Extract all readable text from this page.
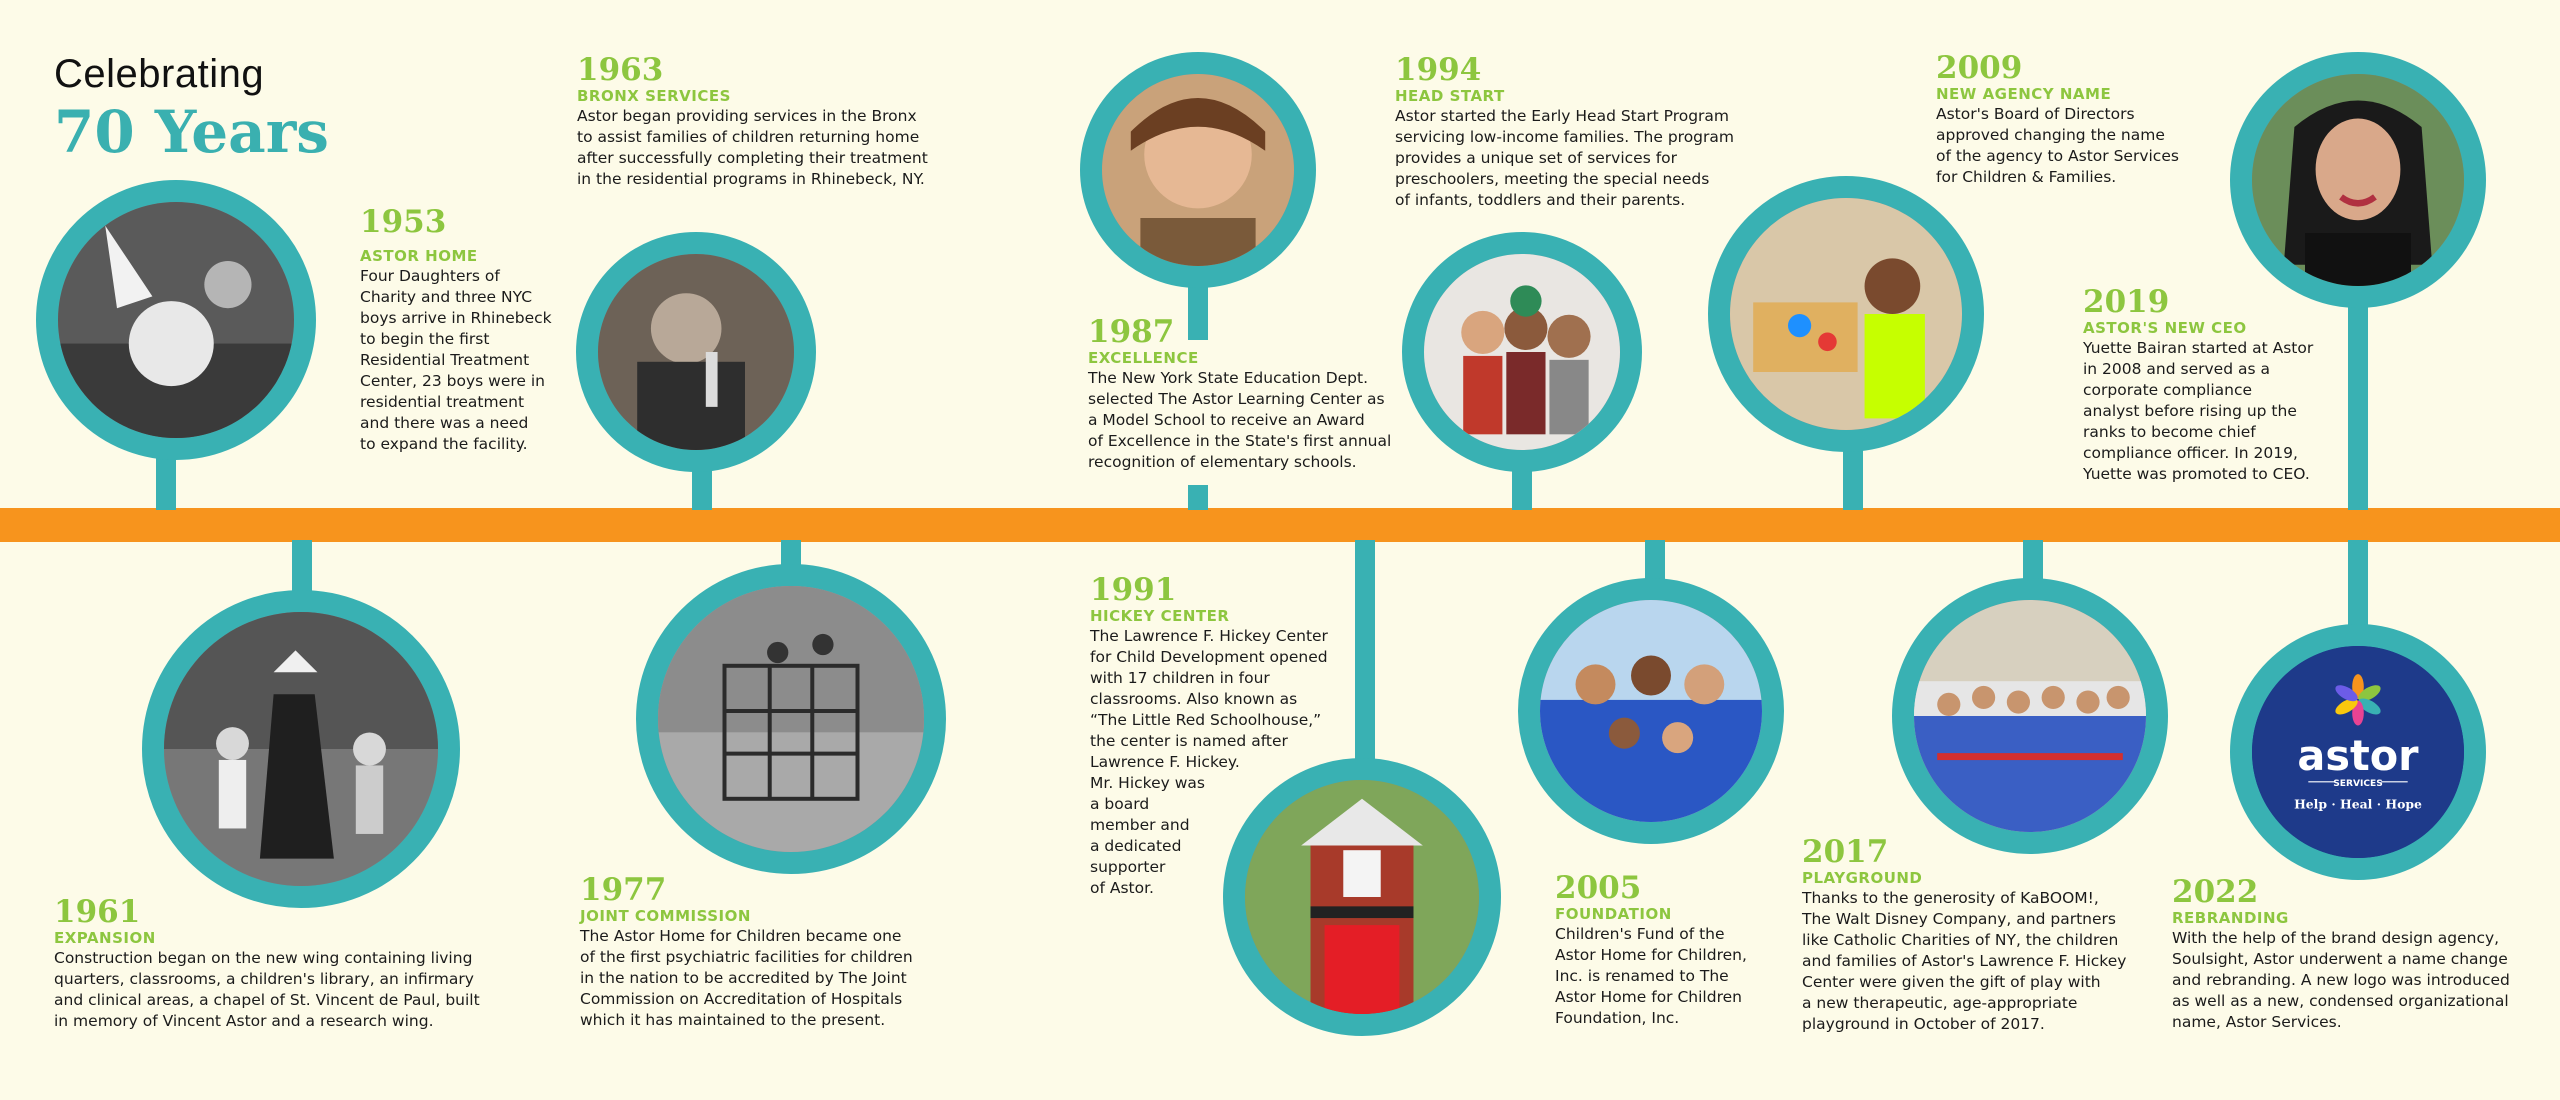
Celebrating
70 Years
astor
SERVICES
Help · Heal · Hope
1953
ASTOR HOME
Four Daughters of
Charity and three NYC
boys arrive in Rhinebeck
to begin the first
Residential Treatment
Center, 23 boys were in
residential treatment
and there was a need
to expand the facility.
1961
EXPANSION
Construction began on the new wing containing living
quarters, classrooms, a children's library, an infirmary
and clinical areas, a chapel of St. Vincent de Paul, built
in memory of Vincent Astor and a research wing.
1963
BRONX SERVICES
Astor began providing services in the Bronx
to assist families of children returning home
after successfully completing their treatment
in the residential programs in Rhinebeck, NY.
1977
JOINT COMMISSION
The Astor Home for Children became one
of the first psychiatric facilities for children
in the nation to be accredited by The Joint
Commission on Accreditation of Hospitals
which it has maintained to the present.
1987
EXCELLENCE
The New York State Education Dept.
selected The Astor Learning Center as
a Model School to receive an Award
of Excellence in the State's first annual
recognition of elementary schools.
1991
HICKEY CENTER
The Lawrence F. Hickey Center
for Child Development opened
with 17 children in four
classrooms. Also known as
“The Little Red Schoolhouse,”
the center is named after
Lawrence F. Hickey.
Mr. Hickey was
a board
member and
a dedicated
supporter
of Astor.
1994
HEAD START
Astor started the Early Head Start Program
servicing low-income families. The program
provides a unique set of services for
preschoolers, meeting the special needs
of infants, toddlers and their parents.
2005
FOUNDATION
Children's Fund of the
Astor Home for Children,
Inc. is renamed to The
Astor Home for Children
Foundation, Inc.
2009
NEW AGENCY NAME
Astor's Board of Directors
approved changing the name
of the agency to Astor Services
for Children & Families.
2017
PLAYGROUND
Thanks to the generosity of KaBOOM!,
The Walt Disney Company, and partners
like Catholic Charities of NY, the children
and families of Astor's Lawrence F. Hickey
Center were given the gift of play with
a new therapeutic, age-appropriate
playground in October of 2017.
2019
ASTOR'S NEW CEO
Yuette Bairan started at Astor
in 2008 and served as a
corporate compliance
analyst before rising up the
ranks to become chief
compliance officer. In 2019,
Yuette was promoted to CEO.
2022
REBRANDING
With the help of the brand design agency,
Soulsight, Astor underwent a name change
and rebranding. A new logo was introduced
as well as a new, condensed organizational
name, Astor Services.
